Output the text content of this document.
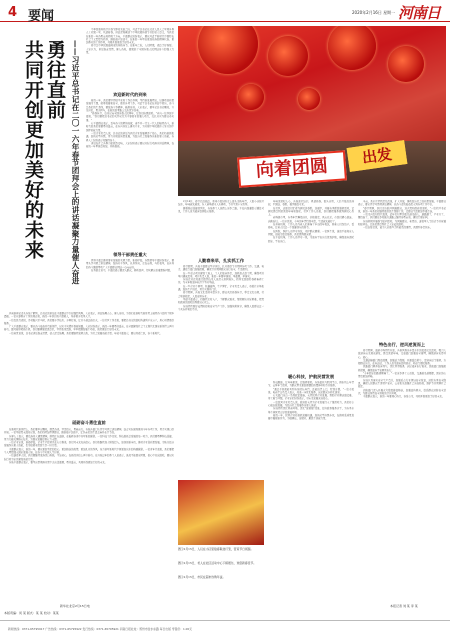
4 要闻	2020年2月16日 星期一 河南日
勇往直前
共同开创更加美好的未来	——习近平总书记在二〇一六年春节团拜会上的讲话凝聚力量催人奋进

中华民族传统节日春节即将来临之际，习近平总书记在北京人民大会堂同各界人士欢聚一堂，共迎新春。讲话深刻阐述了中华民族传统节日的重大意义，为我们在新的一年奋勇前进指明了方向。干部群众纷纷表示，要以习近平新时代中国特色社会主义思想为指导，撸起袖子加油干，在新的一年里以更加昂扬的精神状态、更加务实的工作作风，共同开创更加美好的未来。

春节是中华民族最隆重的传统佳节，在新年之际，人们团聚，表达美好祝愿。大家认为，讲话饱含深情，催人奋进，凝聚起了全国各族人民团结奋斗的强大力量。

欢迎新时代的到来

新的一年，我们要坚持稳中求进工作总基调，坚持新发展理念，以推动高质量发展为主题，统筹发展和安全，做好各项工作。习近平总书记在讲话中指出，奋斗是我们的生命线，要发扬斗争精神，砥砺奋进。大家表示，要牢记总书记嘱托，立足岗位，勇于担当，在新的赶考路上交出优异答卷。

"新春佳节，总书记向全国各族人民拜年，让我们倍感温暖。"省内一位基层干部说，"我们要把总书记的关怀转化为干事创业的强大动力，扎扎实实为群众办实事。"

有干部群众表示，百年奋斗的辉煌成就，离不开一代又一代人的接续奋斗，新时代的我们更要勇往直前，在各自岗位上建功立业，为实现中华民族伟大复兴的中国梦贡献力量。

一位企业负责人说，总书记的讲话为我们企业发展增添了信心，我们将抢抓机遇，加快转型升级，努力实现高质量发展，为经济社会发展作出新的更大贡献。各界人士纷纷表示将继续奋斗。

讲话在社会各界引起热烈反响，大家纷纷表示要以实际行动落实讲话精神，在新的一年里锐意进取、开拓创新。

领导干部责任重大

领导干部是推动事业发展的关键力量。新春伊始，各级领导干部纷纷表示，要带头学习领会讲话精神，发扬实干作风，以身作则，走在前列，当好表率，以自身的奋斗激励带动广大干部群众团结一心向前进。

在基层走访中，干部们表示要深入群众，倾听民声，切实解决急难愁盼问题。

河南新闻记者从各地了解到，总书记的讲话在干部群众中引起强烈共鸣。大家表示，讲话鼓舞人心、催人奋进，为我们在新时代新征程上接续奋斗提供了根本遵循。一位从事教育工作的同志说，新的一年我们将立德树人，培养更多优秀人才。

一位农民代表说，乡村振兴正当时，我们要多学技术、多种好地，让日子越过越红火。一位社区工作者说，要把总书记的温暖传递到千家万户，用心用情做好服务。

广大干部群众表示，要以奋斗姿态开启新征程，以实干实绩开创新局面。大家纷纷表示，新的一年要勇往直前，在全面建设社会主义现代化国家新征程上再立新功。面对新形势新任务，我们要增强忧患意识，坚持底线思维，牢牢把握发展主动权，创造更加美好的未来。

一位老党员说，总书记讲话饱含深情，使人深受鼓舞。我们要继续发挥余热，为社会发展贡献力量。年轻干部表示，要以青春之我，奋斗新时代。

砥砺奋斗勇往直前

在新时代新征程上，我们要牢记嘱托，感恩奋进，坚定信心，勇毅前行。各地各部门认真学习领会讲话精神，结合实际谋划推进今年各项工作，努力实现良好开局。一位基层党支部书记说，我们将团结带领群众，撸起袖子加油干，让乡亲们的生活芝麻开花节节高。

各界人士表示，要弘扬伟大建党精神，赓续红色血脉，在砥砺奋进中书写新的篇章。一位科技工作者说，科技创新是发展的第一动力，我们要勇攀科技高峰，努力突破关键核心技术，为国家发展提供有力支撑。

一位企业家说，新春伊始，企业生产经营正在有序推进，我们对未来充满信心。我们将继续加大研发投入，加快创新步伐，推动企业高质量发展，为地方经济发展作出更大贡献，也为稳就业保民生尽一份力量。

干部群众表示，新的一年，要以更加坚定的信心、更加饱满的热情、更加扎实的作风，奋力谱写新时代中原更加出彩的绚丽篇章。一位青年代表说，我们要把个人理想融入国家发展大局，在奋斗中实现人生价值。

一位退役军人说，我们要继续发扬优良传统，不忘初心，在新的岗位上再立新功。在外地过年的务工人员表示，虽然不能回家团圆，但心中充满温暖，要以实际行动为家乡建设贡献力量。

各地干部群众表示，要坚决贯彻落实党中央决策部署，勇往直前，共同开创更加美好的未来。

新华社北京2月15日电
本版责编：何 某 版式：某 某 校对：某某
向着团圆	出发

2月14日，春节已经临近，郑州市民纷纷走上街头采购年货，大街小巷张灯结彩，年味越来越浓。各大商场超市人头攒动，节日气氛十分浓厚。

随着春运高峰的到来，各地务工人员踏上返乡之路。车站内温馨提示随处可见，工作人员为旅客提供贴心服务。

人勤春来早，扎实抓工作

春节假期，各地干部群众坚守岗位，扎实做好节日期间各项工作。交通、电力、通信等部门加强保障，确保节日期间群众出行安全、生活便利。

在一些重点项目建设工地上，工人们放弃休息，加班加点赶工期，确保项目早日建成投用。项目负责人说，新的一年要早谋划、早部署、早落实。

各地农业农村部门组织技术人员深入田间地头，指导农民做好春耕备耕工作，为全年粮食丰收打下坚实基础。

在一些企业车间里，机器轰鸣，生产繁忙。企业负责人表示，将抓住市场机遇，加快生产进度，努力实现开门红。

春节期间，各地文化活动丰富多彩，群众欢度新春佳节，享受文化盛宴，社会和谐稳定，人民安居乐业。

基层干部表示，将继续走村入户，了解群众需求，帮助解决实际困难，把党和政府的温暖送到群众心坎上。

各地持续做好疫情防控和安全生产工作，加强值班值守，确保人民群众过一个欢乐祥和的节日。

图①2月15日，人们在小区里贴春联挂灯笼，营造节日氛围。
图②2月15日，老人在社区活动中心下棋娱乐，欢度新春佳节。
图③2月15日，市民在超市选购年货。

年味浓浓暖人心，各地张灯结彩，喜迎新春。街头巷尾，大红灯笼高高挂起，中国结、春联、福字随处可见。

在社区，志愿者们忙着为居民送春联、送福字，开展各类便民服务活动，让居民感受到浓浓的年味和温暖。社区工作人员说，我们要把服务做到居民心坎上。

商场超市里，各类年货琳琅满目，价格稳定，供应充足。市民们精心挑选，满载而归。一位市民说，今年的年货特别丰富，生活越来越好了。

在养老机构，工作人员为老人们准备了丰盛的年夜饭，陪老人们包饺子、看春晚，让老人们过一个温馨快乐的春节。

在医院，医护人员坚守岗位，守护群众健康。一位医生说，虽然不能和家人团聚，但能为患者服务，我们感到很光荣。

在车站机场，工作人员坚守一线，为旅客平安出行保驾护航，确保旅客温暖回家、平安出行。

暖心科技，护航民营发展

科技赋能，让年味更浓，让服务更暖。各地依托互联网平台，推出线上年货节、云拜年等活动，为群众带来更加便捷的消费体验和节日服务。

"通过手机就能买到各地特色年货，还能送货上门，特别方便。"一位市民说。电商平台负责人表示，将进一步优化服务，满足群众多样化需求。

有关部门出台一系列政策措施，支持民营企业发展，帮助企业解决融资难、用工难等问题。企业家们纷纷表示，对未来发展充满信心。

一位民营企业负责人说，政府的支持为企业发展注入了强劲动力，我们将专心致志搞发展，为经济社会发展作出更大贡献。

各地持续优化营商环境，深化"放管服"改革，提升政务服务水平，为各类市场主体营造良好的发展环境。

新的一年，民营企业将抢抓发展机遇，加快转型升级步伐，在推动高质量发展中展现新作为，为稳增长、促就业、惠民生贡献力量。

当前，我市正持续深化改革，扩大开放，推动经济社会高质量发展。干部群众表示，要认真学习贯彻讲话精神，以奋斗者的姿态投入到各项工作中去。

"春节期间，我们走访慰问困难群众，送去党和政府的温暖。"一位社区书记说，新的一年我们将继续做好民生保障工作，让群众生活更加幸福美满。

一位来自农村的代表说，近年来村里的变化越来越大，道路通了，产业兴了，腰包鼓了。我们要在乡村振兴道路上继续奋勇前进，建设美丽家园。

各地积极开展春节慰问活动，为困难群众、老党员、退役军人等送去节日祝福和慰问品，让他们感受到社会大家庭的温暖。

一位志愿者说，能为大家做些力所能及的事情，我感到非常快乐。

特色出行，逆风逆流而上

春节期间，旅游市场持续升温，各景区推出丰富多彩的民俗文化活动，吸引大批游客前来观光游览，感受浓浓年味。文旅部门加强安全管理，确保游客玩得开心、放心。

交通运输部门周密部署，加强运力保障，开通直达班车、定制客运等服务，方便群众出行。在客运站，工作人员为旅客提供热水、药品等便民服务。

铁路部门增开临客列车，优化售票服务，满足旅客出行需求。民航部门加强航班保障，确保旅客平安顺利出行。

"今年回家的路更顺畅了。"一位返乡务工人员说，交通越来越便捷，回家的心情也更加舒畅。

各地认真落实安全生产责任，加强重点行业领域安全检查，消除各类安全隐患，确保人民群众生命财产安全。公安机关加强社会治安防控，维护节日期间社会稳定。

消防部门深入开展火灾隐患排查整治，加强宣传教育，提高群众消防安全意识，为群众营造安全祥和的节日环境。

干部群众表示，新的一年要同心协力，奋发有为，共同开创更加美好的未来。

本报记者 刘 某 李 某
新闻热线：0371-65795917 广告热线：0371-65795922 发行热线：0371-65795921 河南日报社址：郑州市金水东路 每日出版 零售价：1.00元
